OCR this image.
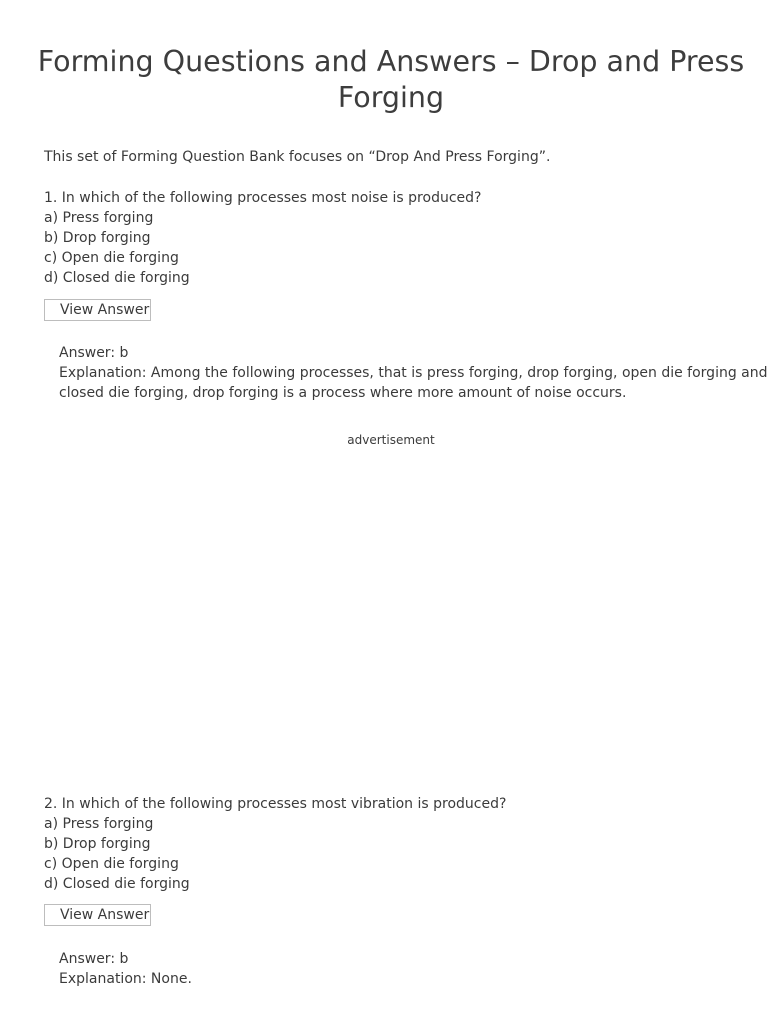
Forming Questions and Answers – Drop and Press
Forging

This set of Forming Question Bank focuses on “Drop And Press Forging”.

1. In which of the following processes most noise is produced?
a) Press forging
b) Drop forging
c) Open die forging
d) Closed die forging
View Answer
Answer: b
Explanation: Among the following processes, that is press forging, drop forging, open die forging and
closed die forging, drop forging is a process where more amount of noise occurs.
advertisement
2. In which of the following processes most vibration is produced?
a) Press forging
b) Drop forging
c) Open die forging
d) Closed die forging
View Answer
Answer: b
Explanation: None.
